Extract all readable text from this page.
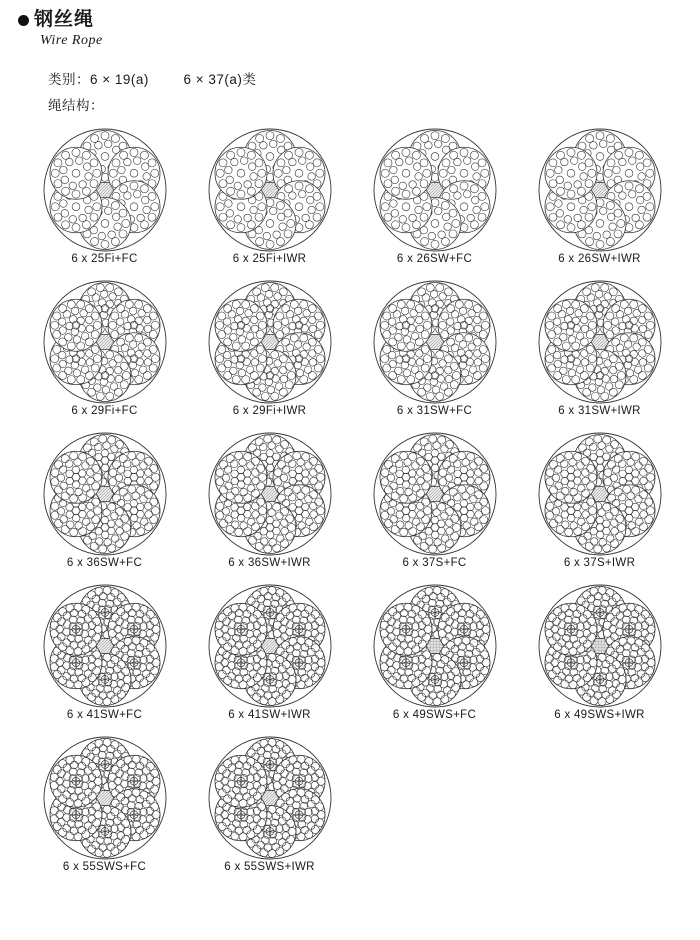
钢丝绳
Wire Rope
类别：6 × 19(a)	6 × 37(a)类
绳结构：
6 x 25Fi+FC	6 x 25Fi+IWR	6 x 26SW+FC	6 x 26SW+IWR
6 x 29Fi+FC	6 x 29Fi+IWR	6 x 31SW+FC	6 x 31SW+IWR
6 x 36SW+FC	6 x 36SW+IWR	6 x 37S+FC	6 x 37S+IWR
6 x 41SW+FC	6 x 41SW+IWR	6 x 49SWS+FC	6 x 49SWS+IWR
6 x 55SWS+FC	6 x 55SWS+IWR
